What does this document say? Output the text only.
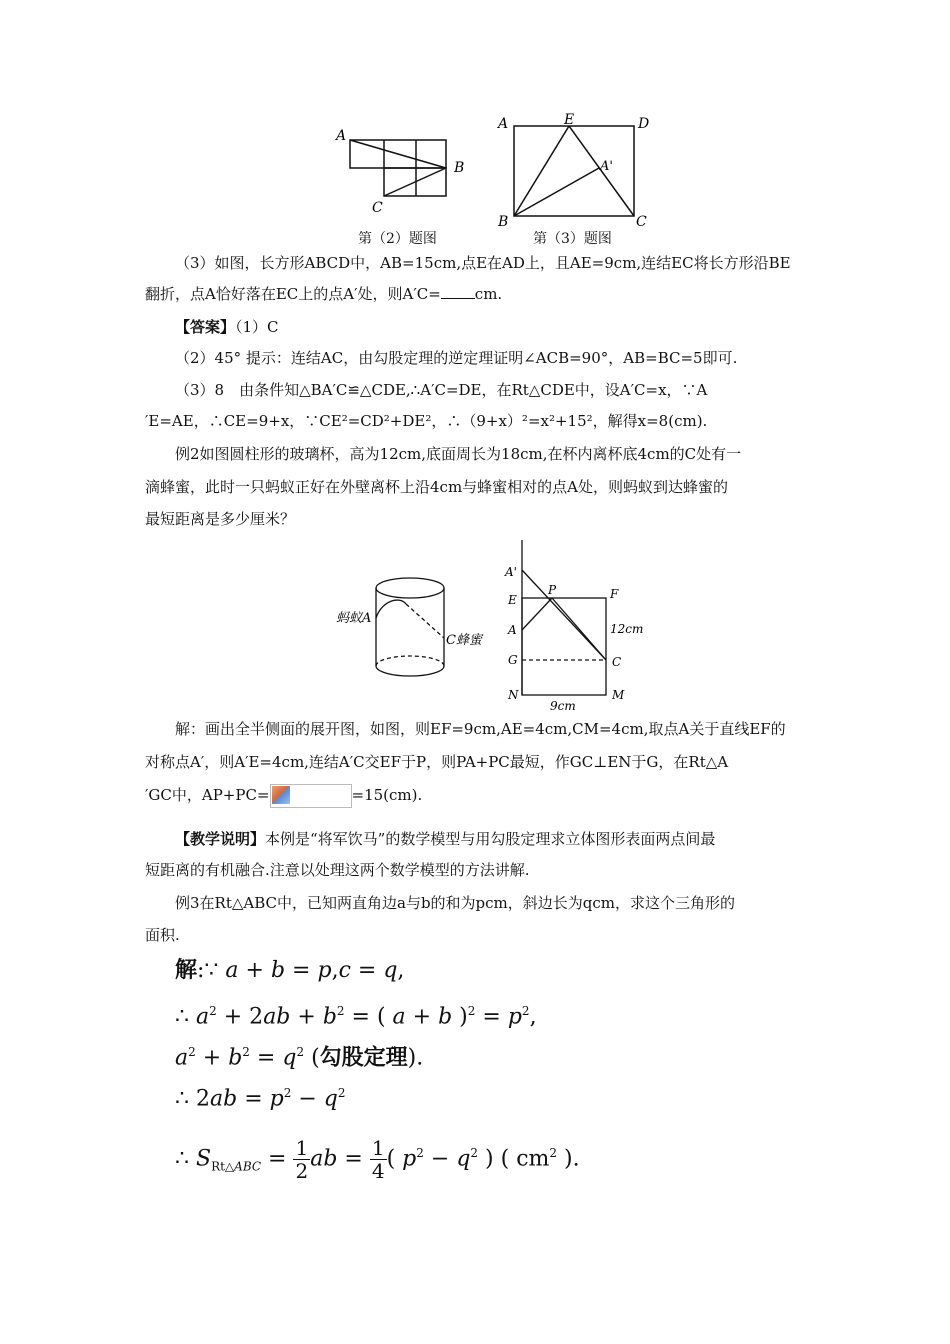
A
B
C
第（2）题图
A	E	D
A'
B	C
第（3）题图
（3）如图，长方形ABCD中，AB=15cm,点E在AD上，且AE=9cm,连结EC将长方形沿BE
翻折，点A恰好落在EC上的点A′处，则A′C= cm.
【答案】（1）C
（2）45° 提示：连结AC，由勾股定理的逆定理证明∠ACB=90°，AB=BC=5即可.
（3）8　由条件知△BA′C≌△CDE,∴A′C=DE，在Rt△CDE中，设A′C=x，∵A
′E=AE，∴CE=9+x，∵CE²=CD²+DE²，∴（9+x）²=x²+15²，解得x=8(cm).
例2如图圆柱形的玻璃杯，高为12cm,底面周长为18cm,在杯内离杯底4cm的C处有一
滴蜂蜜，此时一只蚂蚁正好在外壁离杯上沿4cm与蜂蜜相对的点A处，则蚂蚁到达蜂蜜的
最短距离是多少厘米？
蚂蚁A
C蜂蜜
A'
P	F
E
A	12cm
G	C
N	M
9cm
解：画出全半侧面的展开图，如图，则EF=9cm,AE=4cm,CM=4cm,取点A关于直线EF的
对称点A′，则A′E=4cm,连结A′C交EF于P，则PA+PC最短，作GC⊥EN于G，在Rt△A
′GC中，AP+PC=	=15(cm).
【教学说明】本例是“将军饮马”的数学模型与用勾股定理求立体图形表面两点间最
短距离的有机融合.注意以处理这两个数学模型的方法讲解.
例3在Rt△ABC中，已知两直角边a与b的和为pcm，斜边长为qcm，求这个三角形的
面积.
解:∵ a + b = p,c = q,
∴ $a^2 + 2ab + b^2$ = ( a + b )$^2 = p^2$,
$a^2 + b^2 = q^2$ (勾股定理).
∴ $2ab = p^2 - q^2$
∴ $S_{Rt\triangle ABC} = \frac{1}{2}$ ab = $\frac{1}{4}$ ( $p^2 - q^2$ ) ( $cm^2$ ).
